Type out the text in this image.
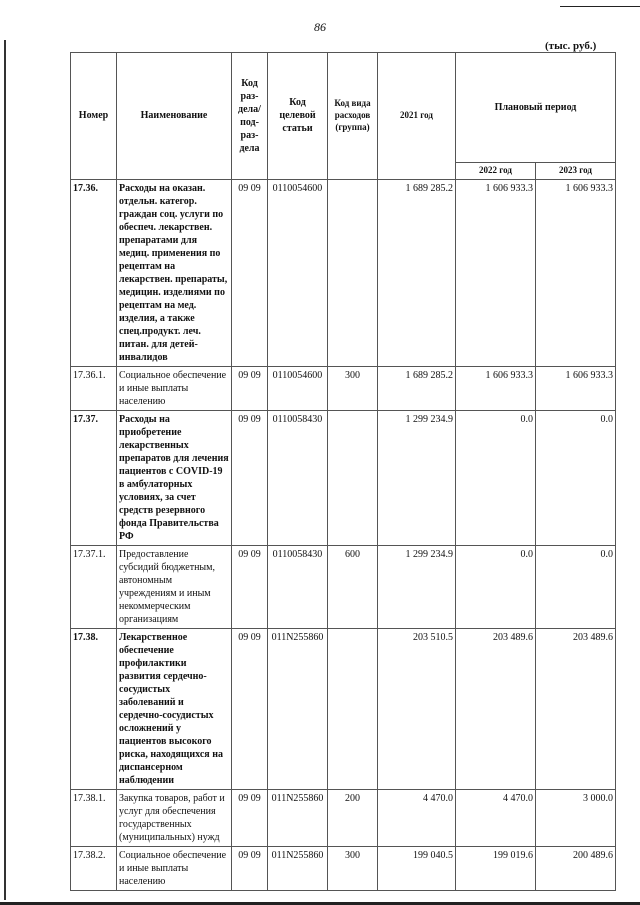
86
(тыс. руб.)
Номер	Наименование	Код раз-дела/ под-раз-дела	Код целевой статьи	Код вида расходов (группа)	2021 год	Плановый период	
						2022 год	2023 год
17.36.	Расходы на оказан. отдельн. категор. граждан соц. услуги по обеспеч. лекарствен. препаратами для медиц. применения по рецептам на лекарствен. препараты, медицин. изделиями по рецептам на мед. изделия, а также спец.продукт. леч. питан. для детей-инвалидов	09 09	0110054600		1 689 285.2	1 606 933.3	1 606 933.3
17.36.1.	Социальное обеспечение и иные выплаты населению	09 09	0110054600	300	1 689 285.2	1 606 933.3	1 606 933.3
17.37.	Расходы на приобретение лекарственных препаратов для лечения пациентов с COVID-19 в амбулаторных условиях, за счет средств резервного фонда Правительства РФ	09 09	0110058430		1 299 234.9	0.0	0.0
17.37.1.	Предоставление субсидий бюджетным, автономным учреждениям и иным некоммерческим организациям	09 09	0110058430	600	1 299 234.9	0.0	0.0
17.38.	Лекарственное обеспечение профилактики развития сердечно-сосудистых заболеваний и сердечно-сосудистых осложнений у пациентов высокого риска, находящихся на диспансерном наблюдении	09 09	011N255860		203 510.5	203 489.6	203 489.6
17.38.1.	Закупка товаров, работ и услуг для обеспечения государственных (муниципальных) нужд	09 09	011N255860	200	4 470.0	4 470.0	3 000.0
17.38.2.	Социальное обеспечение и иные выплаты населению	09 09	011N255860	300	199 040.5	199 019.6	200 489.6
